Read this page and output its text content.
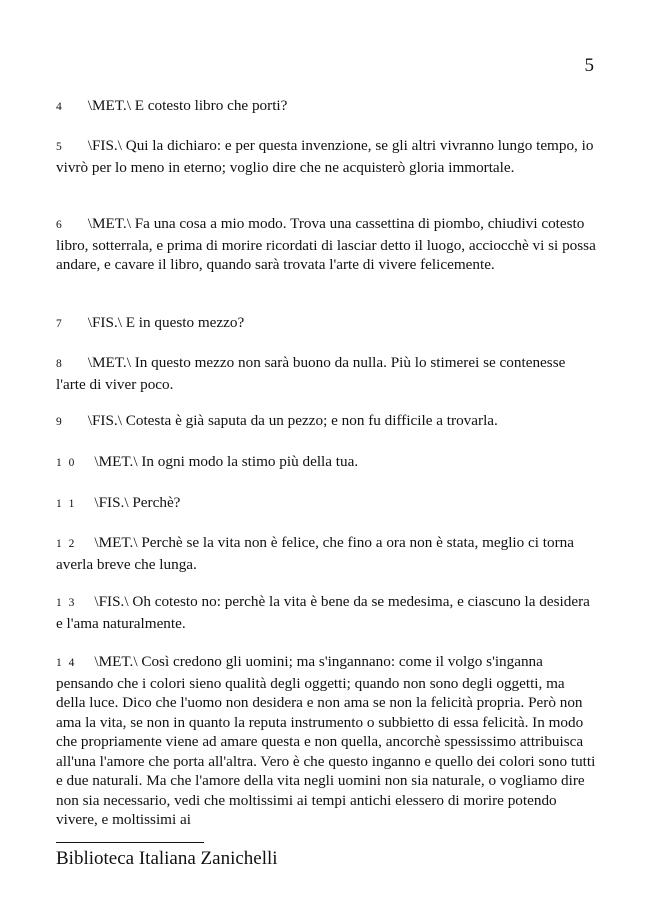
5

4 \MET.\ E cotesto libro che porti?

5 \FIS.\ Qui la dichiaro: e per questa invenzione, se gli altri vivranno lungo tempo, io vivrò per lo meno in eterno; voglio dire che ne acquisterò gloria immortale.

6 \MET.\ Fa una cosa a mio modo. Trova una cassettina di piombo, chiudivi cotesto libro, sotterrala, e prima di morire ricordati di lasciar detto il luogo, acciocchè vi si possa andare, e cavare il libro, quando sarà trovata l'arte di vivere felicemente.

7 \FIS.\ E in questo mezzo?

8 \MET.\ In questo mezzo non sarà buono da nulla. Più lo stimerei se contenesse l'arte di viver poco.

9 \FIS.\ Cotesta è già saputa da un pezzo; e non fu difficile a trovarla.

1 0 \MET.\ In ogni modo la stimo più della tua.

1 1 \FIS.\ Perchè?

1 2 \MET.\ Perchè se la vita non è felice, che fino a ora non è stata, meglio ci torna averla breve che lunga.

1 3 \FIS.\ Oh cotesto no: perchè la vita è bene da se medesima, e ciascuno la desidera e l'ama naturalmente.

1 4 \MET.\ Così credono gli uomini; ma s'ingannano: come il volgo s'inganna pensando che i colori sieno qualità degli oggetti; quando non sono degli oggetti, ma della luce. Dico che l'uomo non desidera e non ama se non la felicità propria. Però non ama la vita, se non in quanto la reputa instrumento o subbietto di essa felicità. In modo che propriamente viene ad amare questa e non quella, ancorchè spessissimo attribuisca all'una l'amore che porta all'altra. Vero è che questo inganno e quello dei colori sono tutti e due naturali. Ma che l'amore della vita negli uomini non sia naturale, o vogliamo dire non sia necessario, vedi che moltissimi ai tempi antichi elessero di morire potendo vivere, e moltissimi ai

Biblioteca Italiana Zanichelli
